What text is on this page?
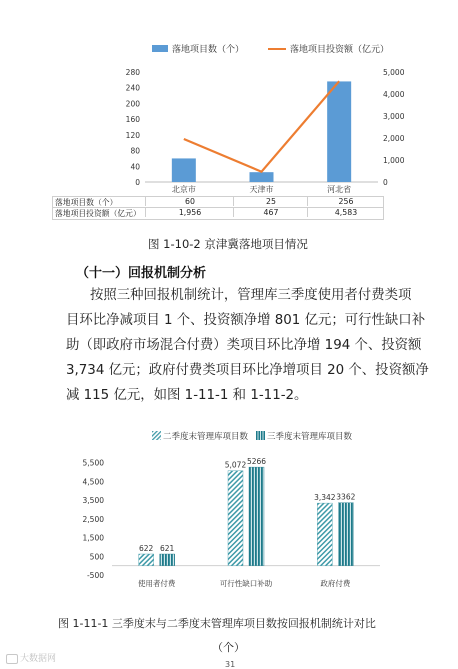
落地项目数（个）	落地项目投资额（亿元）
0
40
80
120
160
200
240
280
0
1,000
2,000
3,000
4,000
5,000
北京市	天津市	河北省
落地项目数（个）	60	25	256
落地项目投资额（亿元）	1,956	467	4,583
图 1-10-2 京津冀落地项目情况
（十一）回报机制分析

按照三种回报机制统计，管理库三季度使用者付费类项

目环比净减项目 1 个、投资额净增 801 亿元；可行性缺口补

助（即政府市场混合付费）类项目环比净增 194 个、投资额

3,734 亿元；政府付费类项目环比净增项目 20 个、投资额净

减 115 亿元，如图 1-11-1 和 1-11-2。

二季度末管理库项目数 三季度末管理库项目数
5,500
4,500
3,500
2,500
1,500
500
-500
622 621
使用者付费
5,072 5266
可行性缺口补助
3,342 3362
政府付费
图 1-11-1 三季度末与二季度末管理库项目数按回报机制统计对比
（个）
大数据网
31
